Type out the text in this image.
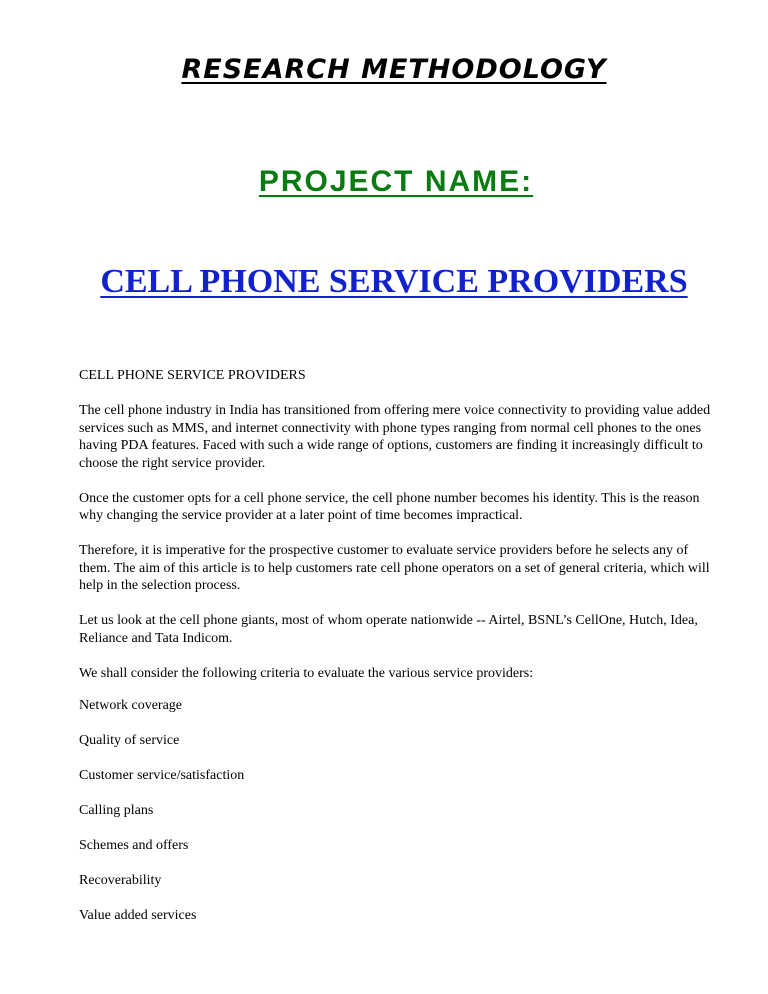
RESEARCH METHODOLOGY
PROJECT NAME:
CELL PHONE SERVICE PROVIDERS

CELL PHONE SERVICE PROVIDERS

The cell phone industry in India has transitioned from offering mere voice connectivity to providing value added services such as MMS, and internet connectivity with phone types ranging from normal cell phones to the ones having PDA features. Faced with such a wide range of options, customers are finding it increasingly difficult to choose the right service provider.

Once the customer opts for a cell phone service, the cell phone number becomes his identity. This is the reason why changing the service provider at a later point of time becomes impractical.

Therefore, it is imperative for the prospective customer to evaluate service providers before he selects any of them. The aim of this article is to help customers rate cell phone operators on a set of general criteria, which will help in the selection process.

Let us look at the cell phone giants, most of whom operate nationwide -- Airtel, BSNL’s CellOne, Hutch, Idea, Reliance and Tata Indicom.

We shall consider the following criteria to evaluate the various service providers:

Network coverage
Quality of service
Customer service/satisfaction
Calling plans
Schemes and offers
Recoverability
Value added services
